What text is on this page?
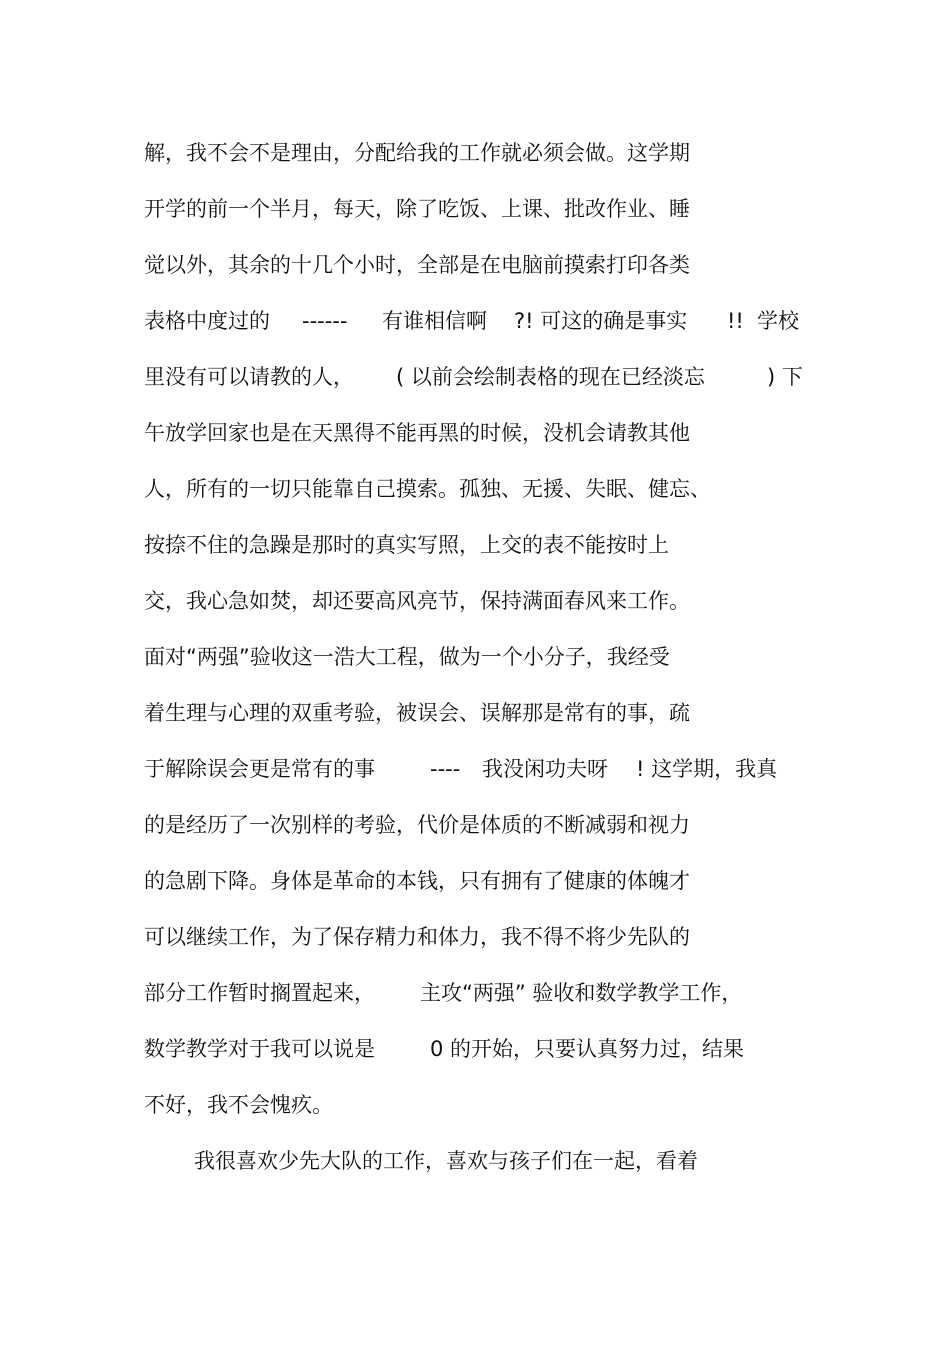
解，我不会不是理由，分配给我的工作就必须会做。这学期
开学的前一个半月，每天，除了吃饭、上课、批改作业、睡
觉以外，其余的十几个小时，全部是在电脑前摸索打印各类
表格中度过的 ------ 有谁相信啊 ?! 可这的确是事实 !! 学校
里没有可以请教的人， ( 以前会绘制表格的现在已经淡忘	) 下
午放学回家也是在天黑得不能再黑的时候，没机会请教其他
人，所有的一切只能靠自己摸索。孤独、无援、失眠、健忘、
按捺不住的急躁是那时的真实写照，上交的表不能按时上
交，我心急如焚，却还要高风亮节，保持满面春风来工作。
面对“两强”验收这一浩大工程，做为一个小分子，我经受
着生理与心理的双重考验，被误会、误解那是常有的事，疏
于解除误会更是常有的事	---- 我没闲功夫呀 ! 这学期，我真
的是经历了一次别样的考验，代价是体质的不断减弱和视力
的急剧下降。身体是革命的本钱，只有拥有了健康的体魄才
可以继续工作，为了保存精力和体力，我不得不将少先队的
部分工作暂时搁置起来， 主攻“两强” 验收和数学教学工作，
数学教学对于我可以说是	0 的开始，只要认真努力过，结果
不好，我不会愧疚。
我很喜欢少先大队的工作，喜欢与孩子们在一起，看着
